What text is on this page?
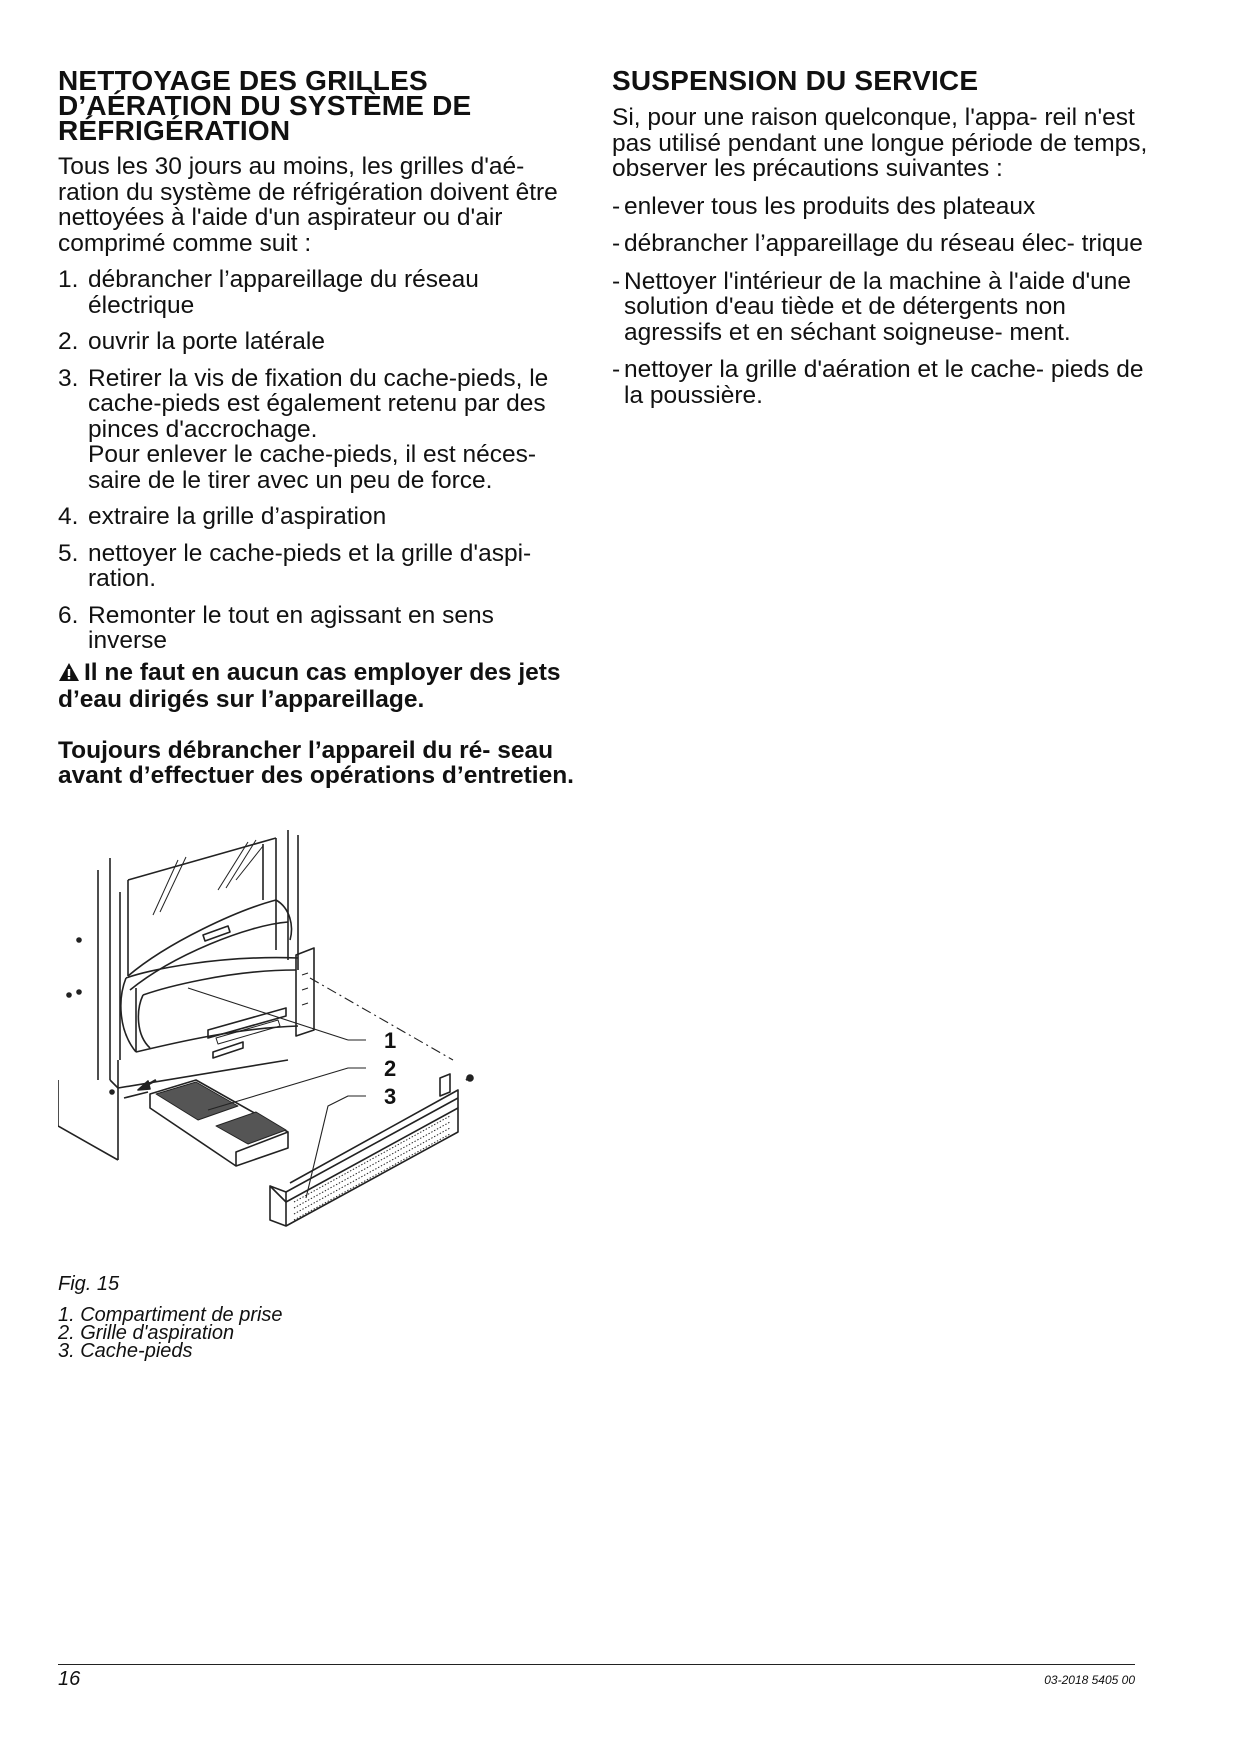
NETTOYAGE DES GRILLES D’AÉRATION DU SYSTÈME DE RÉFRIGÉRATION

Tous les 30 jours au moins, les grilles d'aé- ration du système de réfrigération doivent être nettoyées à l'aide d'un aspirateur ou d'air comprimé comme suit :

1. débrancher l’appareillage du réseau électrique
2. ouvrir la porte latérale
3. Retirer la vis de fixation du cache-pieds, le cache-pieds est également retenu par des pinces d'accrochage.
Pour enlever le cache-pieds, il est néces- saire de le tirer avec un peu de force.
4. extraire la grille d’aspiration
5. nettoyer le cache-pieds et la grille d'aspi- ration.
6. Remonter le tout en agissant en sens inverse

Il ne faut en aucun cas employer des jets d’eau dirigés sur l’appareillage.

Toujours débrancher l’appareil du ré- seau avant d’effectuer des opérations d’entretien.

SUSPENSION DU SERVICE

Si, pour une raison quelconque, l'appa- reil n'est pas utilisé pendant une longue période de temps, observer les précautions suivantes :

- enlever tous les produits des plateaux
- débrancher l’appareillage du réseau élec- trique
- Nettoyer l'intérieur de la machine à l'aide d'une solution d'eau tiède et de détergents non agressifs et en séchant soigneuse- ment.
- nettoyer la grille d'aération et le cache- pieds de la poussière.
1
2
3
Fig. 15
1. Compartiment de prise
2. Grille d'aspiration
3. Cache-pieds
16	03-2018 5405 00
